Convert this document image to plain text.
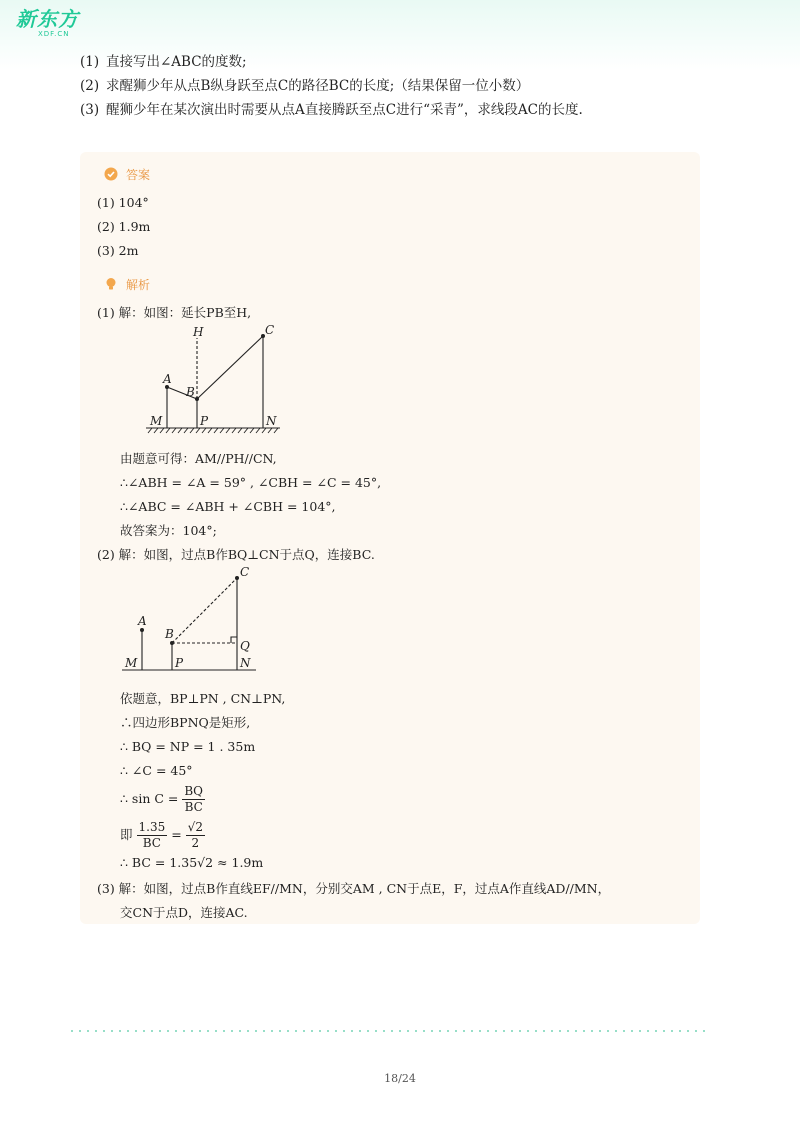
新东方
XDF.CN
(1) 直接写出∠ABC的度数;
(2) 求醒狮少年从点B纵身跃至点C的路径BC的长度;（结果保留一位小数）
(3) 醒狮少年在某次演出时需要从点A直接腾跃至点C进行“采青”，求线段AC的长度.
答案
(1) 104°
(2) 1.9m
(3) 2m
解析
(1) 解：如图：延长PB至H,
H	C
A
B
M	P	N
由题意可得：AM//PH//CN,
∴∠ABH = ∠A = 59° , ∠CBH = ∠C = 45°,
∴∠ABC = ∠ABH + ∠CBH = 104°,
故答案为：104°;
(2) 解：如图，过点B作BQ⊥CN于点Q，连接BC.
C
A
B
Q
M	P	N
依题意，BP⊥PN , CN⊥PN,
∴四边形BPNQ是矩形,
∴ BQ = NP = 1 . 35m
∴ ∠C = 45°
∴ $\sin C = \frac{BQ}{BC}$
即 $\frac{1.35}{BC} = \frac{√2}{2}$
∴ BC = 1.35√2 ≈ 1.9m
(3) 解：如图，过点B作直线EF//MN，分别交AM , CN于点E，F，过点A作直线AD//MN，
交CN于点D，连接AC.
18/24
